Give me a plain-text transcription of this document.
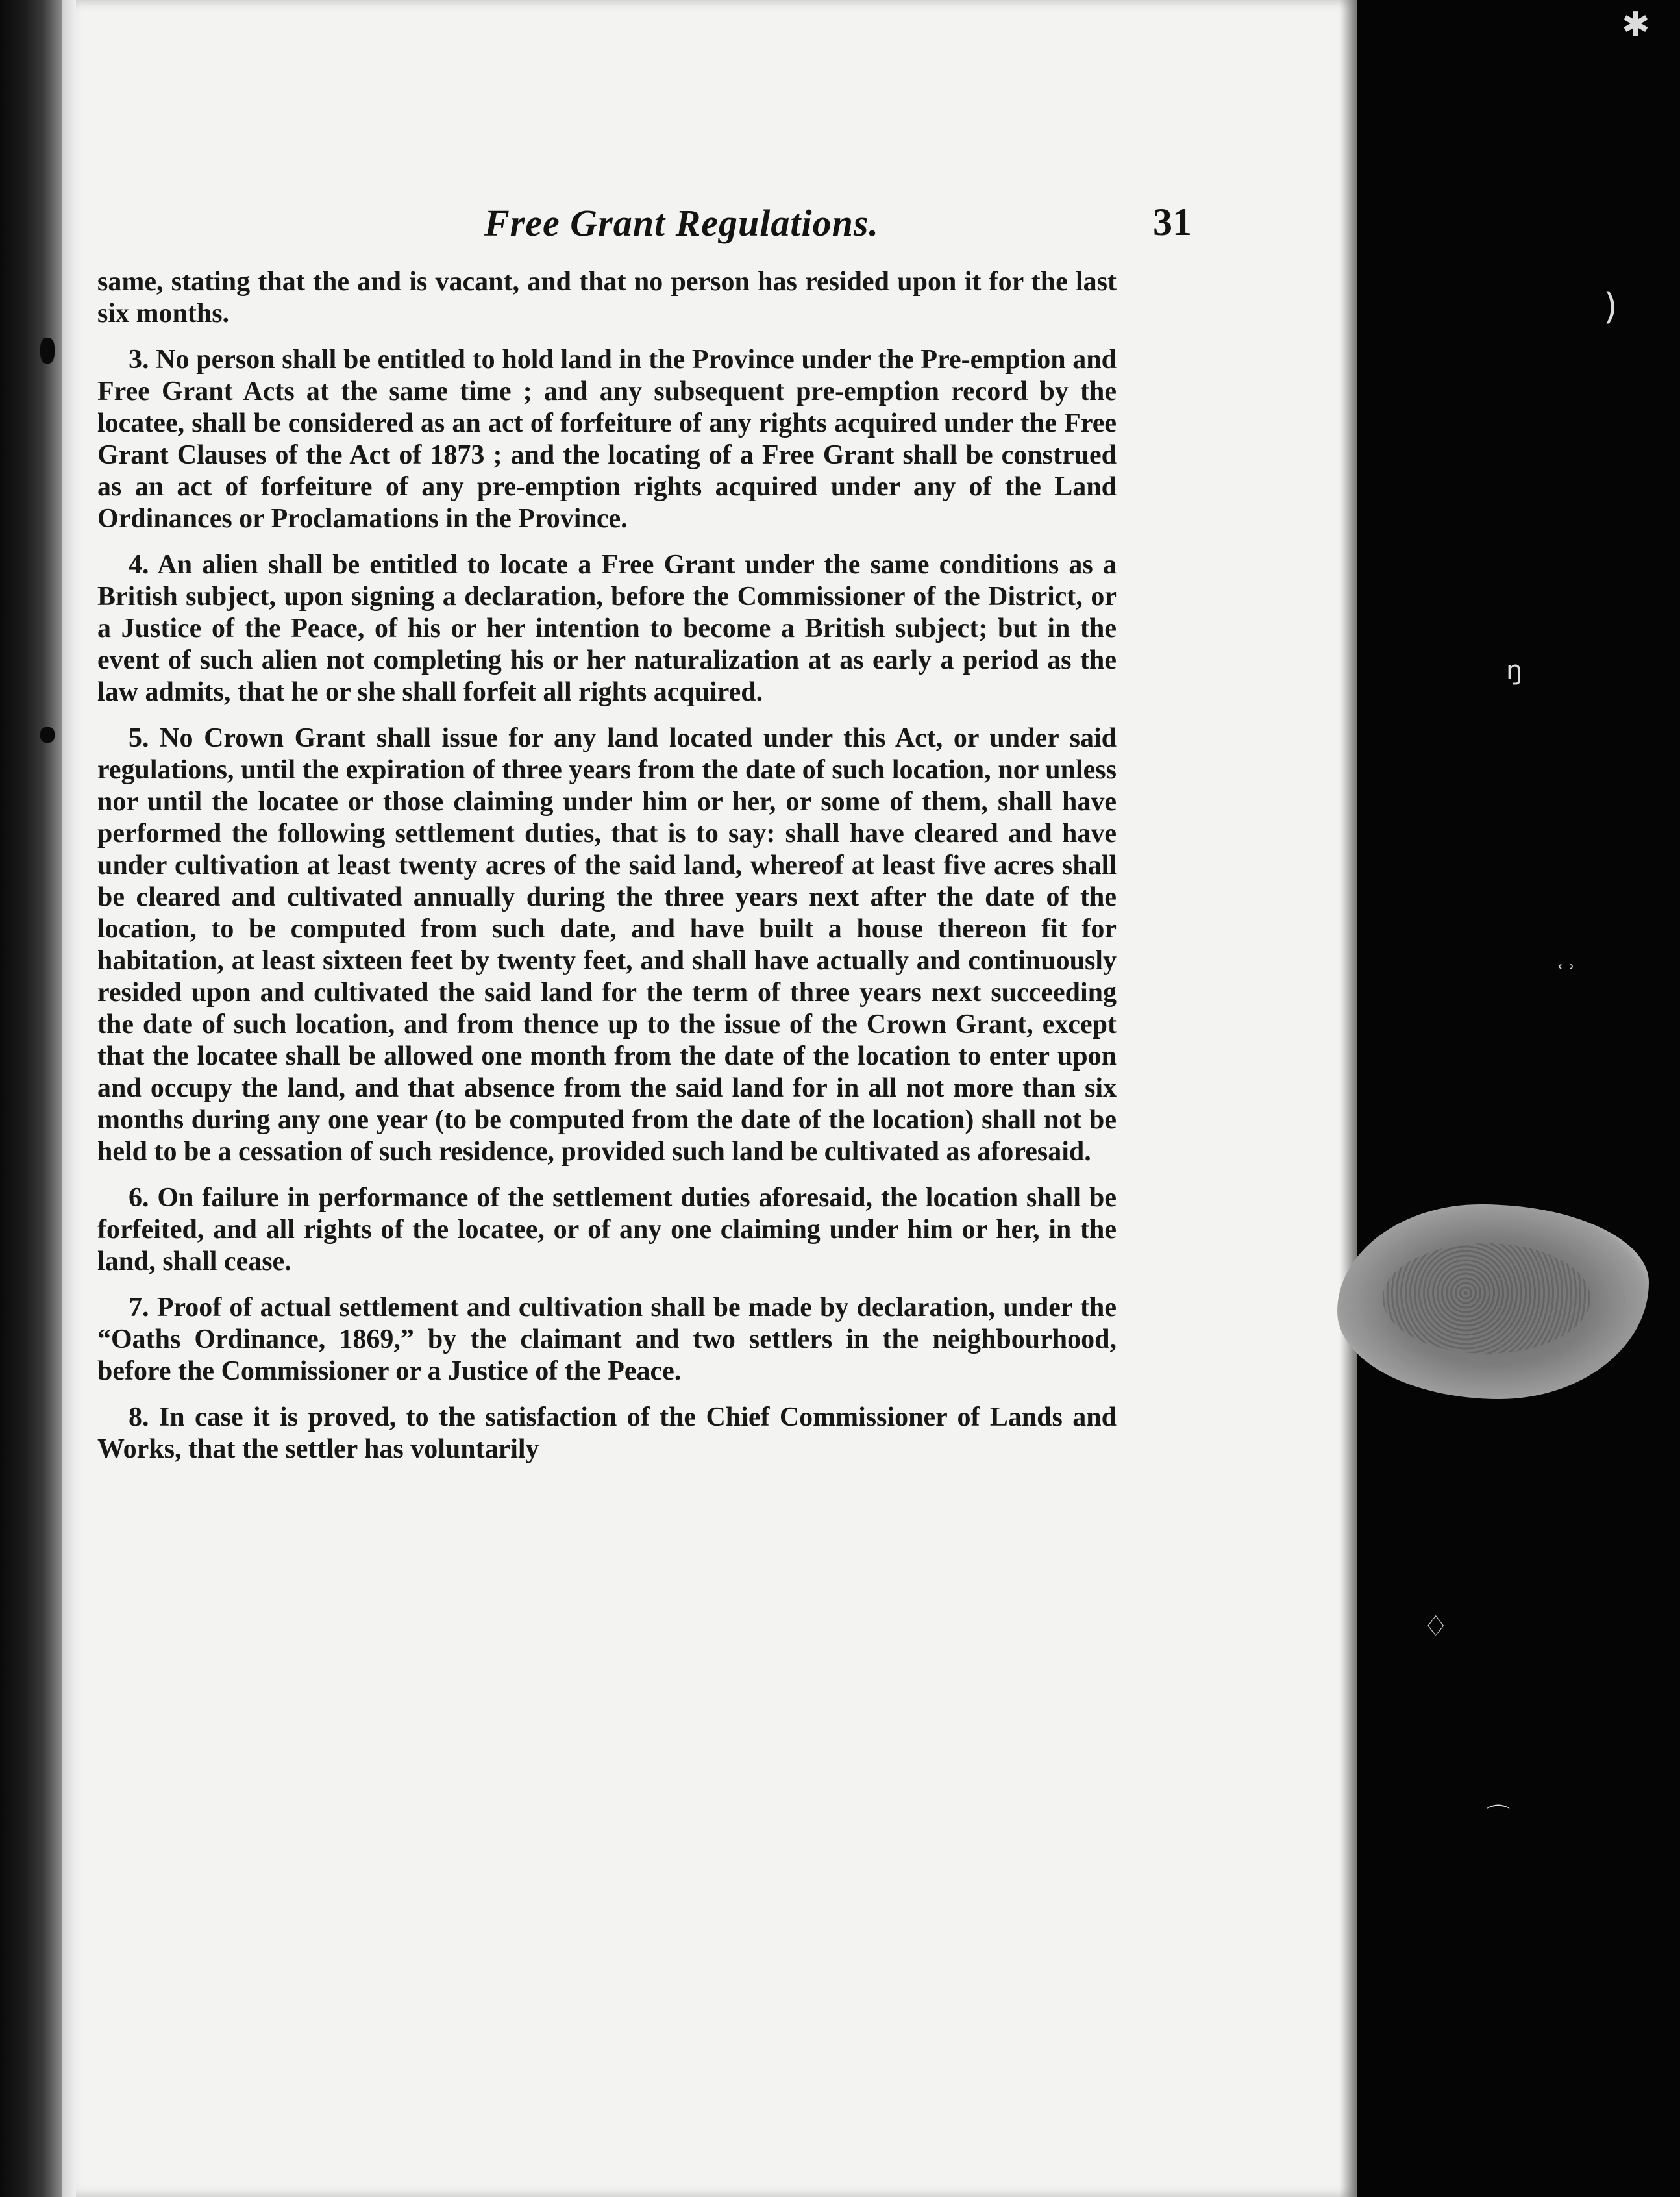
Free Grant Regulations.	31

same, stating that the and is vacant, and that no person has resided upon it for the last six months.

3. No person shall be entitled to hold land in the Province under the Pre-emption and Free Grant Acts at the same time ; and any subsequent pre-emption record by the locatee, shall be considered as an act of forfeiture of any rights acquired under the Free Grant Clauses of the Act of 1873 ; and the locating of a Free Grant shall be construed as an act of forfeiture of any pre-emption rights acquired under any of the Land Ordinances or Proclamations in the Province.

4. An alien shall be entitled to locate a Free Grant under the same conditions as a British subject, upon signing a declaration, before the Commissioner of the District, or a Justice of the Peace, of his or her intention to become a British subject; but in the event of such alien not completing his or her naturalization at as early a period as the law admits, that he or she shall forfeit all rights acquired.

5. No Crown Grant shall issue for any land located under this Act, or under said regulations, until the expiration of three years from the date of such location, nor unless nor until the locatee or those claiming under him or her, or some of them, shall have performed the following settlement duties, that is to say: shall have cleared and have under cultivation at least twenty acres of the said land, whereof at least five acres shall be cleared and cultivated annually during the three years next after the date of the location, to be computed from such date, and have built a house thereon fit for habitation, at least sixteen feet by twenty feet, and shall have actually and continuously resided upon and cultivated the said land for the term of three years next succeeding the date of such location, and from thence up to the issue of the Crown Grant, except that the locatee shall be allowed one month from the date of the location to enter upon and occupy the land, and that absence from the said land for in all not more than six months during any one year (to be computed from the date of the location) shall not be held to be a cessation of such residence, provided such land be cultivated as aforesaid.

6. On failure in performance of the settlement duties aforesaid, the location shall be forfeited, and all rights of the locatee, or of any one claiming under him or her, in the land, shall cease.

7. Proof of actual settlement and cultivation shall be made by declaration, under the “Oaths Ordinance, 1869,” by the claimant and two settlers in the neighbourhood, before the Commissioner or a Justice of the Peace.

8. In case it is proved, to the satisfaction of the Chief Commissioner of Lands and Works, that the settler has voluntarily

✱
)
ŋ
ʿ ʾ
♢
⌒
